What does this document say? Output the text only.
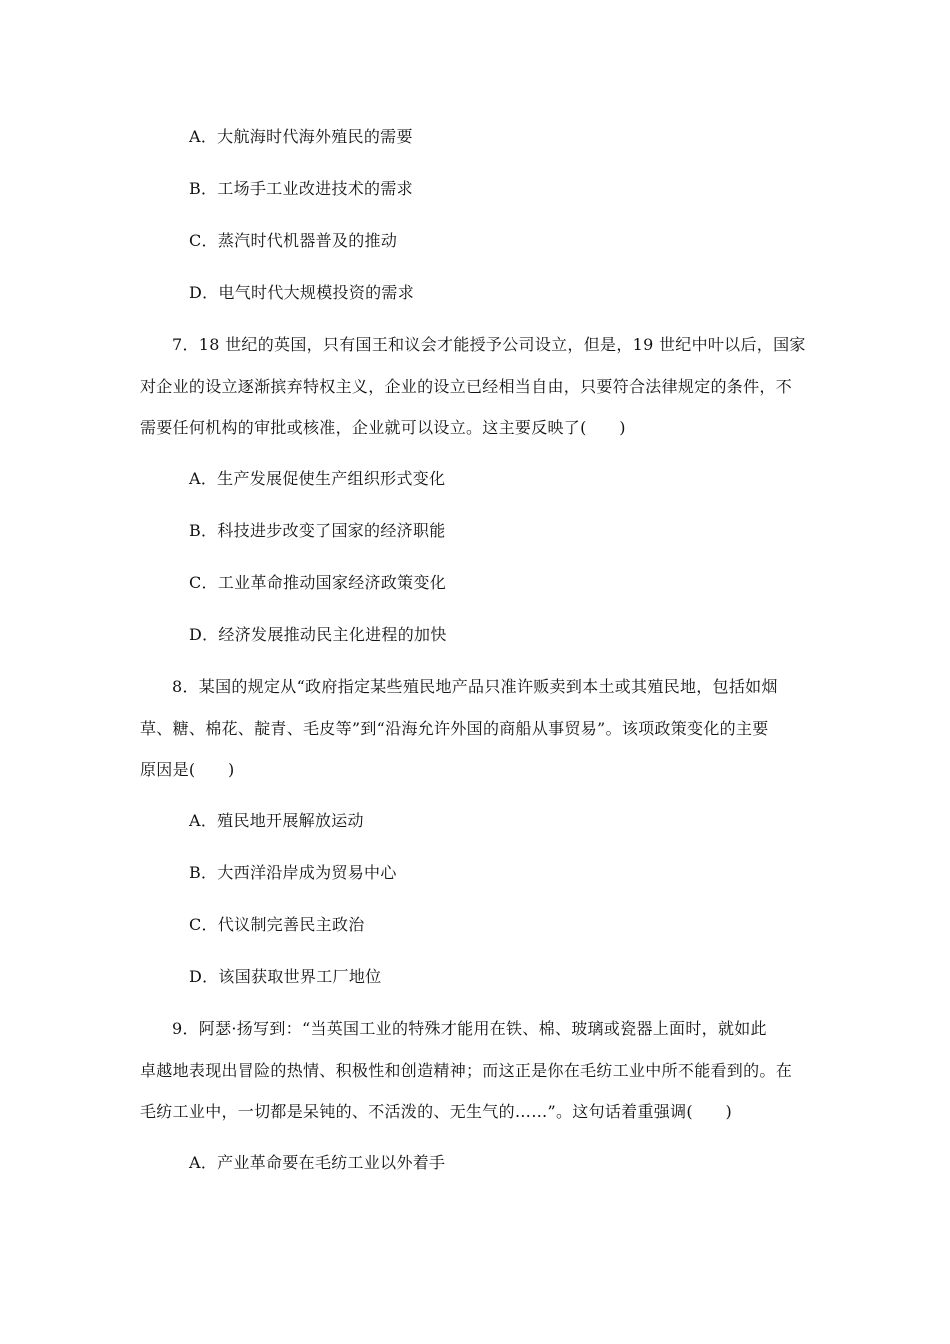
A．大航海时代海外殖民的需要
B．工场手工业改进技术的需求
C．蒸汽时代机器普及的推动
D．电气时代大规模投资的需求
7．18 世纪的英国，只有国王和议会才能授予公司设立，但是，19 世纪中叶以后，国家
对企业的设立逐渐摈弃特权主义，企业的设立已经相当自由，只要符合法律规定的条件，不
需要任何机构的审批或核准，企业就可以设立。这主要反映了(　　)
A．生产发展促使生产组织形式变化
B．科技进步改变了国家的经济职能
C．工业革命推动国家经济政策变化
D．经济发展推动民主化进程的加快
8．某国的规定从“政府指定某些殖民地产品只准许贩卖到本土或其殖民地，包括如烟
草、糖、棉花、靛青、毛皮等”到“沿海允许外国的商船从事贸易”。该项政策变化的主要
原因是(　　)
A．殖民地开展解放运动
B．大西洋沿岸成为贸易中心
C．代议制完善民主政治
D．该国获取世界工厂地位
9．阿瑟·扬写到：“当英国工业的特殊才能用在铁、棉、玻璃或瓷器上面时，就如此
卓越地表现出冒险的热情、积极性和创造精神；而这正是你在毛纺工业中所不能看到的。在
毛纺工业中，一切都是呆钝的、不活泼的、无生气的……”。这句话着重强调(　　)
A．产业革命要在毛纺工业以外着手
